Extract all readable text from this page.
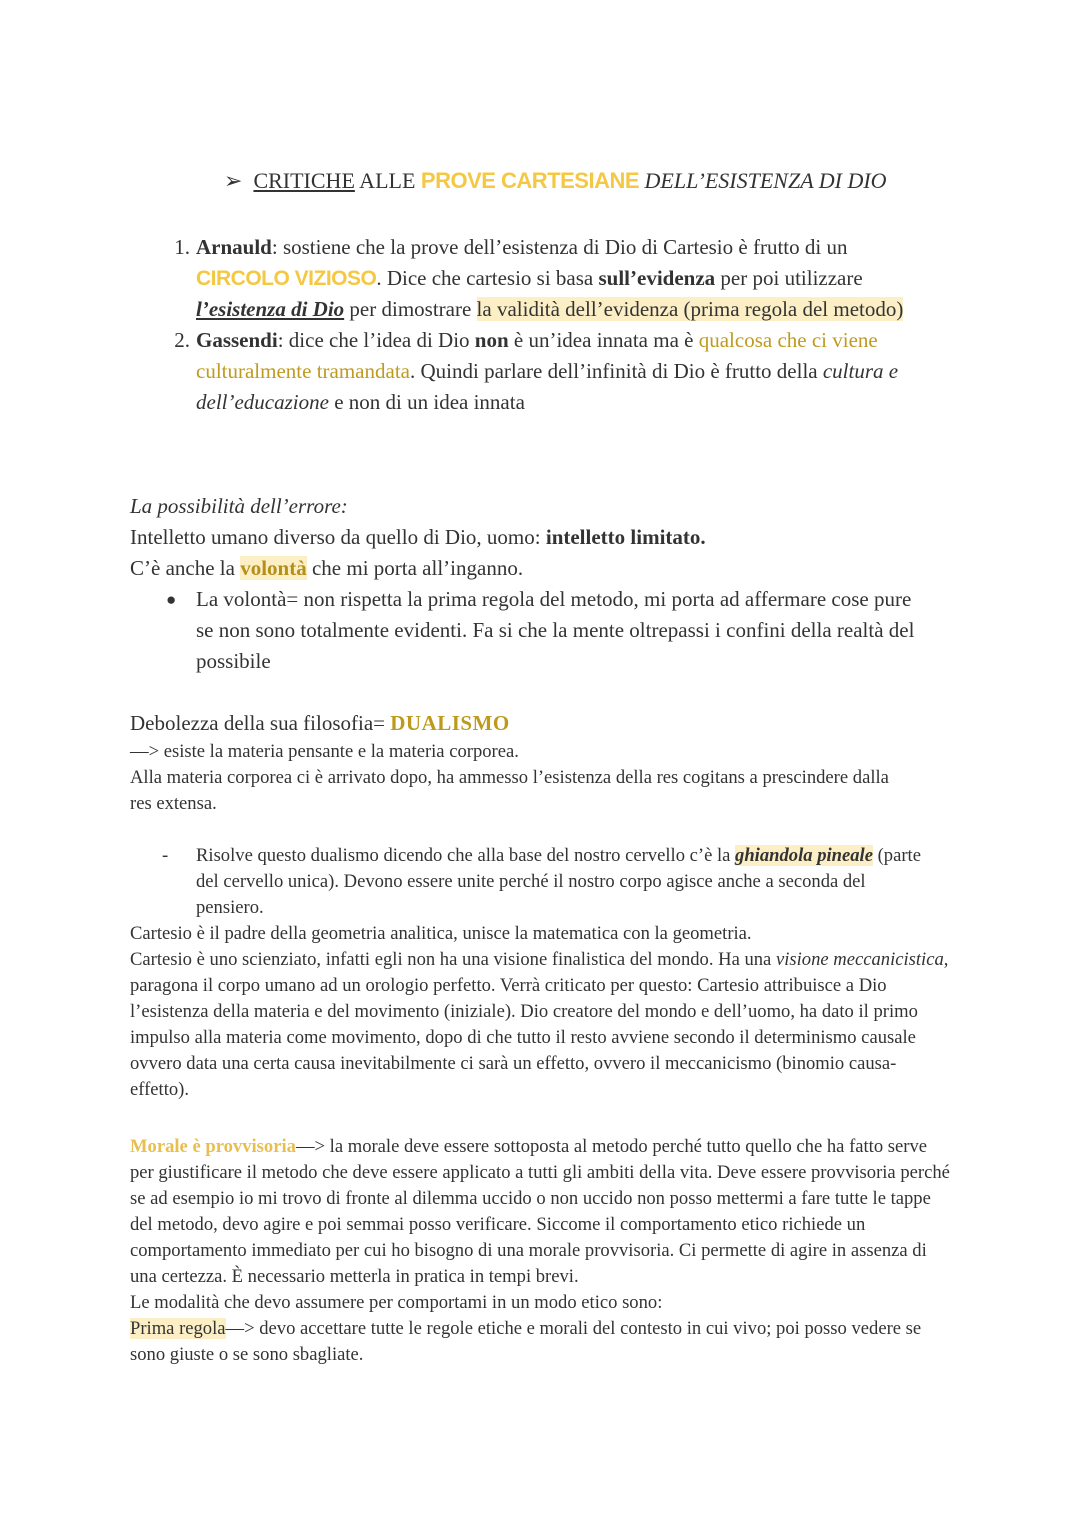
➢ CRITICHE ALLE PROVE CARTESIANE DELL’ESISTENZA DI DIO
1. Arnauld: sostiene che la prove dell’esistenza di Dio di Cartesio è frutto di un CIRCOLO VIZIOSO. Dice che cartesio si basa sull’evidenza per poi utilizzare l’esistenza di Dio per dimostrare la validità dell’evidenza (prima regola del metodo)
2. Gassendi: dice che l’idea di Dio non è un’idea innata ma è qualcosa che ci viene culturalmente tramandata. Quindi parlare dell’infinità di Dio è frutto della cultura e dell’educazione e non di un idea innata
La possibilità dell’errore:
Intelletto umano diverso da quello di Dio, uomo: intelletto limitato.
C’è anche la volontà che mi porta all’inganno.
● La volontà= non rispetta la prima regola del metodo, mi porta ad affermare cose pure se non sono totalmente evidenti. Fa si che la mente oltrepassi i confini della realtà del possibile
Debolezza della sua filosofia= DUALISMO
—> esiste la materia pensante e la materia corporea.
Alla materia corporea ci è arrivato dopo, ha ammesso l’esistenza della res cogitans a prescindere dalla res extensa.
- Risolve questo dualismo dicendo che alla base del nostro cervello c’è la ghiandola pineale (parte del cervello unica). Devono essere unite perché il nostro corpo agisce anche a seconda del pensiero.
Cartesio è il padre della geometria analitica, unisce la matematica con la geometria.
Cartesio è uno scienziato, infatti egli non ha una visione finalistica del mondo. Ha una visione meccanicistica, paragona il corpo umano ad un orologio perfetto. Verrà criticato per questo: Cartesio attribuisce a Dio l’esistenza della materia e del movimento (iniziale). Dio creatore del mondo e dell’uomo, ha dato il primo impulso alla materia come movimento, dopo di che tutto il resto avviene secondo il determinismo causale ovvero data una certa causa inevitabilmente ci sarà un effetto, ovvero il meccanicismo (binomio causa-effetto).
Morale è provvisoria—> la morale deve essere sottoposta al metodo perché tutto quello che ha fatto serve per giustificare il metodo che deve essere applicato a tutti gli ambiti della vita. Deve essere provvisoria perché se ad esempio io mi trovo di fronte al dilemma uccido o non uccido non posso mettermi a fare tutte le tappe del metodo, devo agire e poi semmai posso verificare. Siccome il comportamento etico richiede un comportamento immediato per cui ho bisogno di una morale provvisoria. Ci permette di agire in assenza di una certezza. È necessario metterla in pratica in tempi brevi.
Le modalità che devo assumere per comportami in un modo etico sono:
Prima regola—> devo accettare tutte le regole etiche e morali del contesto in cui vivo; poi posso vedere se sono giuste o se sono sbagliate.
